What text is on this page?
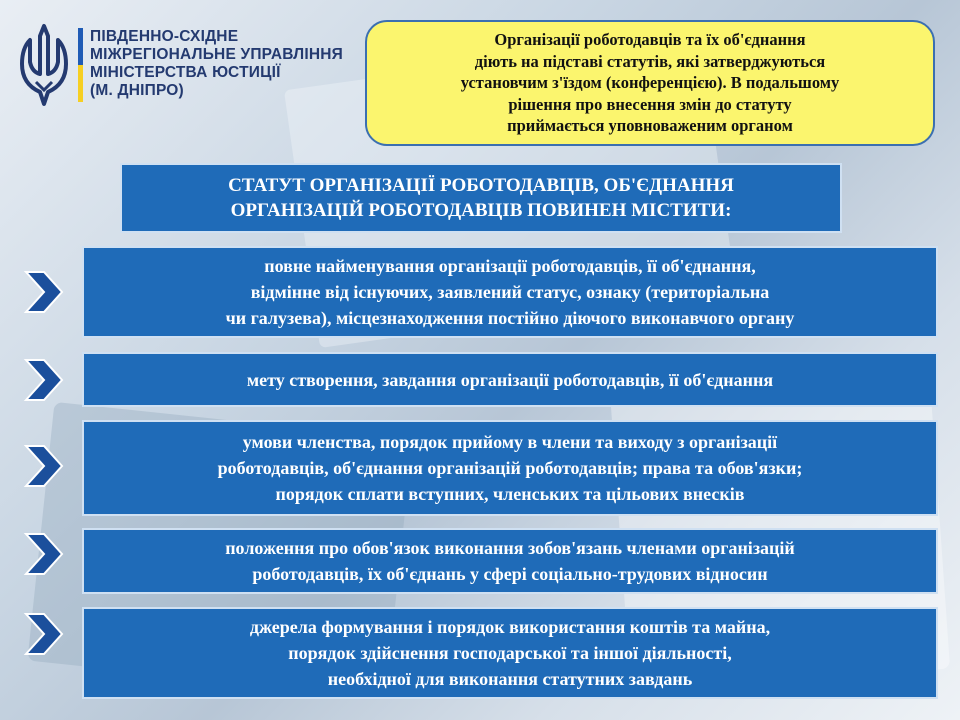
ПІВДЕННО-СХІДНЕ
МІЖРЕГІОНАЛЬНЕ УПРАВЛІННЯ
МІНІСТЕРСТВА ЮСТИЦІЇ
(М. ДНІПРО)
Організації роботодавців та їх об'єднання
діють на підставі статутів, які затверджуються
установчим з'їздом (конференцією). В подальшому
рішення про внесення змін до статуту
приймається уповноваженим органом
СТАТУТ ОРГАНІЗАЦІЇ РОБОТОДАВЦІВ, ОБ'ЄДНАННЯ
ОРГАНІЗАЦІЙ РОБОТОДАВЦІВ ПОВИНЕН МІСТИТИ:
повне найменування організації роботодавців, її об'єднання,
відмінне від існуючих, заявлений статус, ознаку (територіальна
чи галузева), місцезнаходження постійно діючого виконавчого органу
мету створення, завдання організації роботодавців, її об'єднання
умови членства, порядок прийому в члени та виходу з організації
роботодавців, об'єднання організацій роботодавців; права та обов'язки;
порядок сплати вступних, членських та цільових внесків
положення про обов'язок виконання зобов'язань членами організацій
роботодавців, їх об'єднань у сфері соціально-трудових відносин
джерела формування і порядок використання коштів та майна,
порядок здійснення господарської та іншої діяльності,
необхідної для виконання статутних завдань
